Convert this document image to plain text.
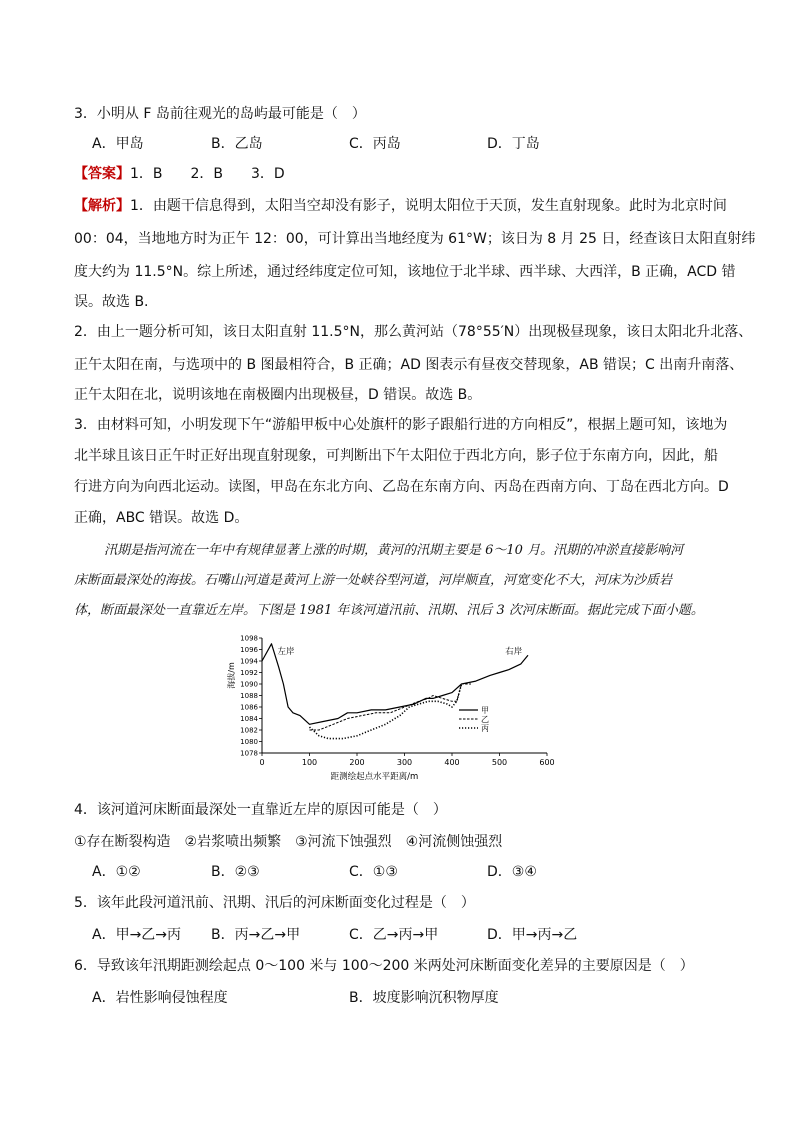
3．小明从 F 岛前往观光的岛屿最可能是（　）
A．甲岛	B．乙岛	C．丙岛	D．丁岛
【答案】1．B　　2．B　　3．D
【解析】1．由题干信息得到，太阳当空却没有影子，说明太阳位于天顶，发生直射现象。此时为北京时间
00：04，当地地方时为正午 12：00，可计算出当地经度为 61°W；该日为 8 月 25 日，经查该日太阳直射纬
度大约为 11.5°N。综上所述，通过经纬度定位可知，该地位于北半球、西半球、大西洋，B 正确，ACD 错
误。故选 B.
2．由上一题分析可知，该日太阳直射 11.5°N，那么黄河站（78°55′N）出现极昼现象，该日太阳北升北落、
正午太阳在南，与选项中的 B 图最相符合，B 正确；AD 图表示有昼夜交替现象，AB 错误；C 出南升南落、
正午太阳在北，说明该地在南极圈内出现极昼，D 错误。故选 B。
3．由材料可知，小明发现下午“游船甲板中心处旗杆的影子跟船行进的方向相反”，根据上题可知，该地为
北半球且该日正午时正好出现直射现象，可判断出下午太阳位于西北方向，影子位于东南方向，因此，船
行进方向为向西北运动。读图，甲岛在东北方向、乙岛在东南方向、丙岛在西南方向、丁岛在西北方向。D
正确，ABC 错误。故选 D。
汛期是指河流在一年中有规律显著上涨的时期，黄河的汛期主要是 6～10 月。汛期的冲淤直接影响河
床断面最深处的海拔。石嘴山河道是黄河上游一处峡谷型河道，河岸顺直，河宽变化不大，河床为沙质岩
体，断面最深处一直靠近左岸。下图是 1981 年该河道汛前、汛期、汛后 3 次河床断面。据此完成下面小题。
1078
1080
1082
1084
1086
1088
1090
1092
1094
1096
1098
0	100	200	300	400	500	600
距测绘起点水平距离/m
海拔/m
甲
乙
丙
左岸	右岸
4．该河道河床断面最深处一直靠近左岸的原因可能是（　）
①存在断裂构造　②岩浆喷出频繁　③河流下蚀强烈　④河流侧蚀强烈
A．①②	B．②③	C．①③	D．③④
5．该年此段河道汛前、汛期、汛后的河床断面变化过程是（　）
A．甲→乙→丙 B．丙→乙→甲	C．乙→丙→甲	D．甲→丙→乙
6．导致该年汛期距测绘起点 0～100 米与 100～200 米两处河床断面变化差异的主要原因是（　）
A．岩性影响侵蚀程度	B．坡度影响沉积物厚度
